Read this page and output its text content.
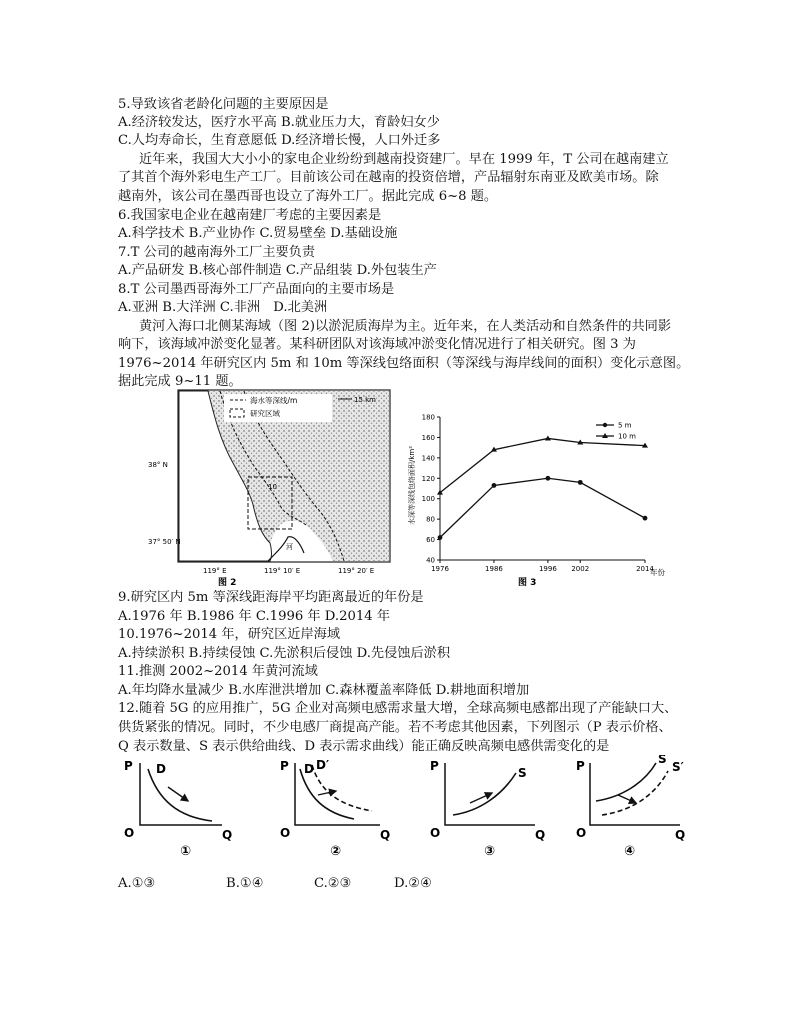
5.导致该省老龄化问题的主要原因是
A.经济较发达，医疗水平高 B.就业压力大，育龄妇女少
C.人均寿命长，生育意愿低 D.经济增长慢，人口外迁多
近年来，我国大大小小的家电企业纷纷到越南投资建厂。早在 1999 年，T 公司在越南建立
了其首个海外彩电生产工厂。目前该公司在越南的投资倍增，产品辐射东南亚及欧美市场。除
越南外，该公司在墨西哥也设立了海外工厂。据此完成 6~8 题。
6.我国家电企业在越南建厂考虑的主要因素是
A.科学技术 B.产业协作 C.贸易壁垒 D.基础设施
7.T 公司的越南海外工厂主要负责
A.产品研发 B.核心部件制造 C.产品组装 D.外包装生产
8.T 公司墨西哥海外工厂产品面向的主要市场是
A.亚洲 B.大洋洲 C.非洲　D.北美洲
黄河入海口北侧某海域（图 2)以淤泥质海岸为主。近年来，在人类活动和自然条件的共同影
响下，该海域冲淤变化显著。某科研团队对该海域冲淤变化情况进行了相关研究。图 3 为
1976~2014 年研究区内 5m 和 10m 等深线包络面积（等深线与海岸线间的面积）变化示意图。
据此完成 9~11 题。
海水等深线/m
研究区域
15 km
38° N
37° 50′ N
119° E	119° 10′ E	119° 20′ E
10
河
图 2
40
60
80
100
120
140
160
180
1976	1986	1996 2002	2014
5 m
10 m
水深等深线包络面积/km²
年份
图 3
9.研究区内 5m 等深线距海岸平均距离最近的年份是
A.1976 年 B.1986 年 C.1996 年 D.2014 年
10.1976~2014 年，研究区近岸海域
A.持续淤积 B.持续侵蚀 C.先淤积后侵蚀 D.先侵蚀后淤积
11.推测 2002~2014 年黄河流域
A.年均降水量减少 B.水库泄洪增加 C.森林覆盖率降低 D.耕地面积增加
12.随着 5G 的应用推广，5G 企业对高频电感需求量大增，全球高频电感都出现了产能缺口大、
供货紧张的情况。同时，不少电感厂商提高产能。若不考虑其他因素，下列图示（P 表示价格、
Q 表示数量、S 表示供给曲线、D 表示需求曲线）能正确反映高频电感供需变化的是
P
O	Q
D
①
P
O	Q
D D′
②
P
O	Q
S
③
P
O	Q
S
S′
④
A.①③	B.①④	C.②③	D.②④
